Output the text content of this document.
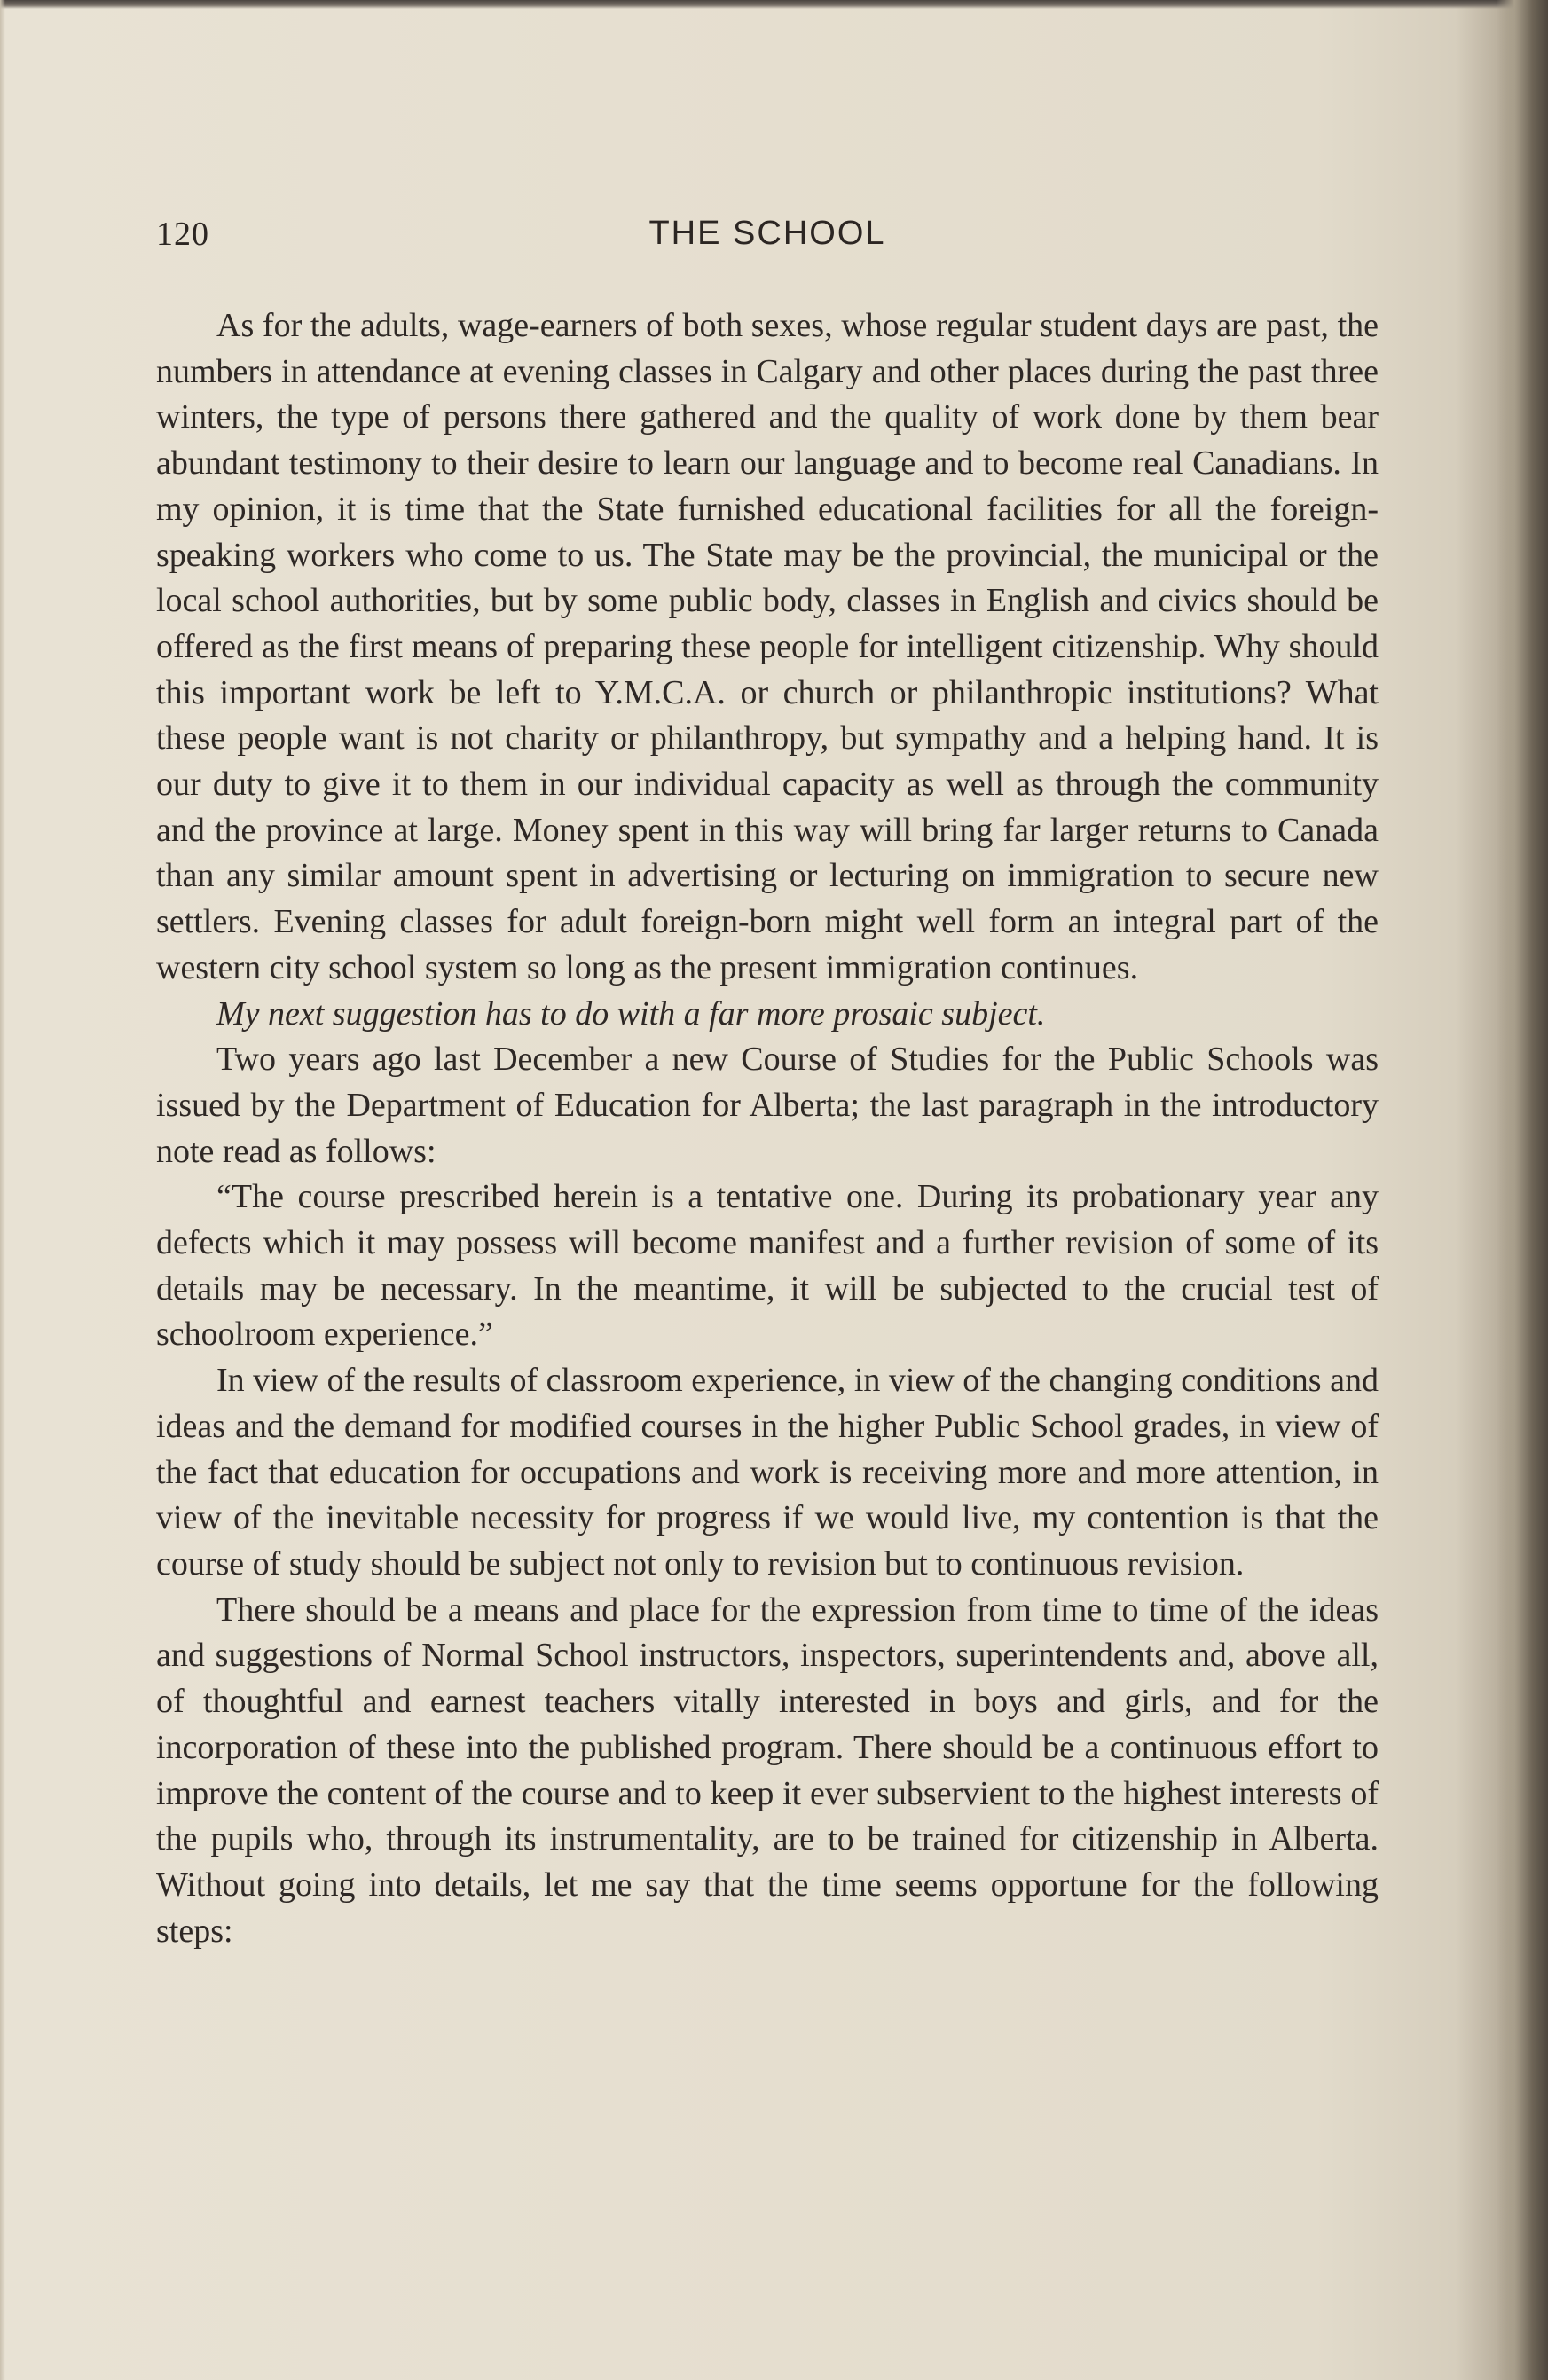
120	THE SCHOOL

As for the adults, wage-earners of both sexes, whose regular student days are past, the numbers in attendance at evening classes in Calgary and other places during the past three winters, the type of persons there gathered and the quality of work done by them bear abundant testimony to their desire to learn our language and to become real Canadians. In my opinion, it is time that the State furnished educational facilities for all the foreign-speaking workers who come to us. The State may be the provincial, the municipal or the local school authorities, but by some public body, classes in English and civics should be offered as the first means of preparing these people for intelligent citizenship. Why should this important work be left to Y.M.C.A. or church or philanthropic institutions? What these people want is not charity or philanthropy, but sympathy and a helping hand. It is our duty to give it to them in our individual capacity as well as through the community and the province at large. Money spent in this way will bring far larger returns to Canada than any similar amount spent in advertising or lecturing on immigration to secure new settlers. Evening classes for adult foreign-born might well form an integral part of the western city school system so long as the present immigration continues.

My next suggestion has to do with a far more prosaic subject.

Two years ago last December a new Course of Studies for the Public Schools was issued by the Department of Education for Alberta; the last paragraph in the introductory note read as follows:

“The course prescribed herein is a tentative one. During its probationary year any defects which it may possess will become manifest and a further revision of some of its details may be necessary. In the meantime, it will be subjected to the crucial test of schoolroom experience.”

In view of the results of classroom experience, in view of the changing conditions and ideas and the demand for modified courses in the higher Public School grades, in view of the fact that education for occupations and work is receiving more and more attention, in view of the inevitable necessity for progress if we would live, my contention is that the course of study should be subject not only to revision but to continuous revision.

There should be a means and place for the expression from time to time of the ideas and suggestions of Normal School instructors, inspectors, superintendents and, above all, of thoughtful and earnest teachers vitally interested in boys and girls, and for the incorporation of these into the published program. There should be a continuous effort to improve the content of the course and to keep it ever subservient to the highest interests of the pupils who, through its instrumentality, are to be trained for citizenship in Alberta. Without going into details, let me say that the time seems opportune for the following steps:
